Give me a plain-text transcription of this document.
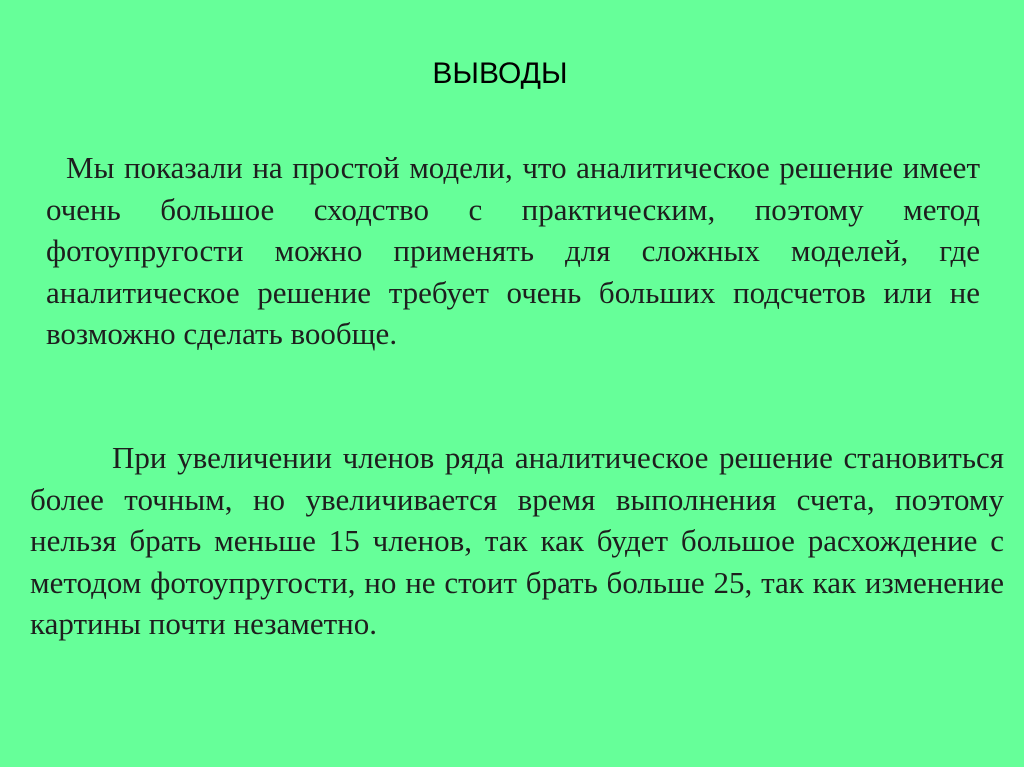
ВЫВОДЫ

Мы показали на простой модели, что аналитическое решение имеет очень большое сходство с практическим, поэтому метод фотоупругости можно применять для сложных моделей, где аналитическое решение требует очень больших подсчетов или не возможно сделать вообще.

При увеличении членов ряда аналитическое решение становиться более точным, но увеличивается время выполнения счета, поэтому нельзя брать меньше 15 членов, так как будет большое расхождение с методом фотоупругости, но не стоит брать больше 25, так как изменение картины почти незаметно.
